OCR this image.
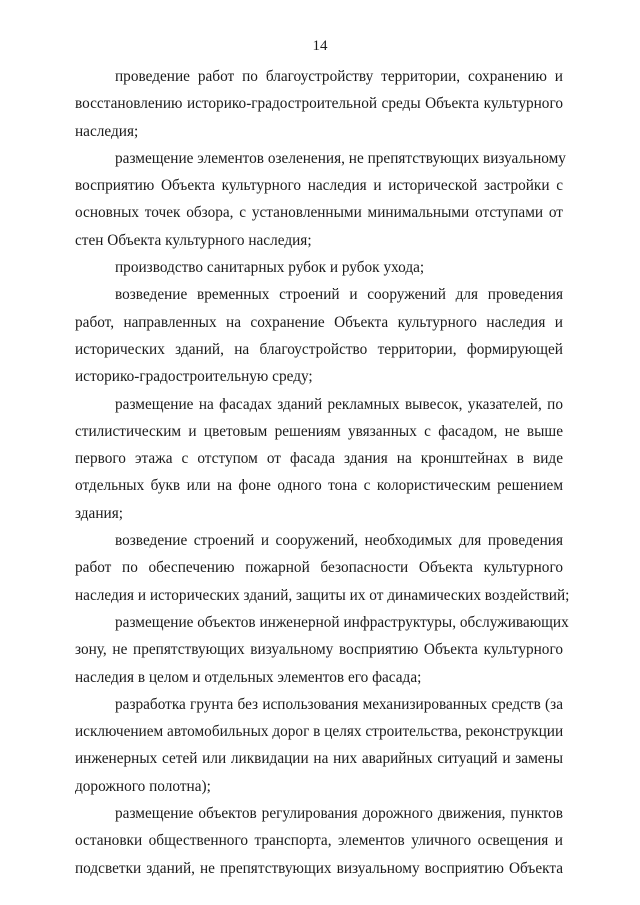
14

проведение работ по благоустройству территории, сохранению и
восстановлению историко-градостроительной среды Объекта культурного
наследия;

размещение элементов озеленения, не препятствующих визуальному
восприятию Объекта культурного наследия и исторической застройки с
основных точек обзора, с установленными минимальными отступами от
стен Объекта культурного наследия;

производство санитарных рубок и рубок ухода;

возведение временных строений и сооружений для проведения
работ, направленных на сохранение Объекта культурного наследия и
исторических зданий, на благоустройство территории, формирующей
историко-градостроительную среду;

размещение на фасадах зданий рекламных вывесок, указателей, по
стилистическим и цветовым решениям увязанных с фасадом, не выше
первого этажа с отступом от фасада здания на кронштейнах в виде
отдельных букв или на фоне одного тона с колористическим решением
здания;

возведение строений и сооружений, необходимых для проведения
работ по обеспечению пожарной безопасности Объекта культурного
наследия и исторических зданий, защиты их от динамических воздействий;

размещение объектов инженерной инфраструктуры, обслуживающих
зону, не препятствующих визуальному восприятию Объекта культурного
наследия в целом и отдельных элементов его фасада;

разработка грунта без использования механизированных средств (за
исключением автомобильных дорог в целях строительства, реконструкции
инженерных сетей или ликвидации на них аварийных ситуаций и замены
дорожного полотна);

размещение объектов регулирования дорожного движения, пунктов
остановки общественного транспорта, элементов уличного освещения и
подсветки зданий, не препятствующих визуальному восприятию Объекта
